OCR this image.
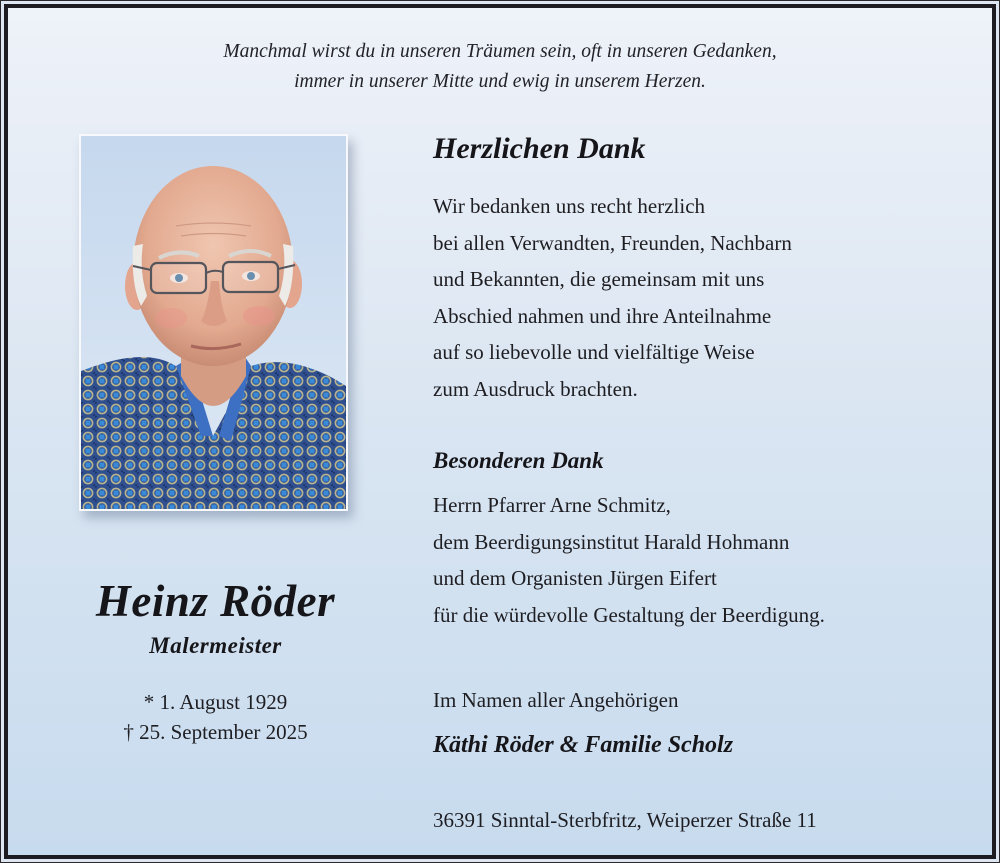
Manchmal wirst du in unseren Träumen sein, oft in unseren Gedanken,
immer in unserer Mitte und ewig in unserem Herzen.
Heinz Röder
Malermeister
* 1. August 1929
† 25. September 2025
Herzlichen Dank
Wir bedanken uns recht herzlich
bei allen Verwandten, Freunden, Nachbarn
und Bekannten, die gemeinsam mit uns
Abschied nahmen und ihre Anteilnahme
auf so liebevolle und vielfältige Weise
zum Ausdruck brachten.
Besonderen Dank
Herrn Pfarrer Arne Schmitz,
dem Beerdigungsinstitut Harald Hohmann
und dem Organisten Jürgen Eifert
für die würdevolle Gestaltung der Beerdigung.
Im Namen aller Angehörigen
Käthi Röder & Familie Scholz
36391 Sinntal-Sterbfritz, Weiperzer Straße 11
